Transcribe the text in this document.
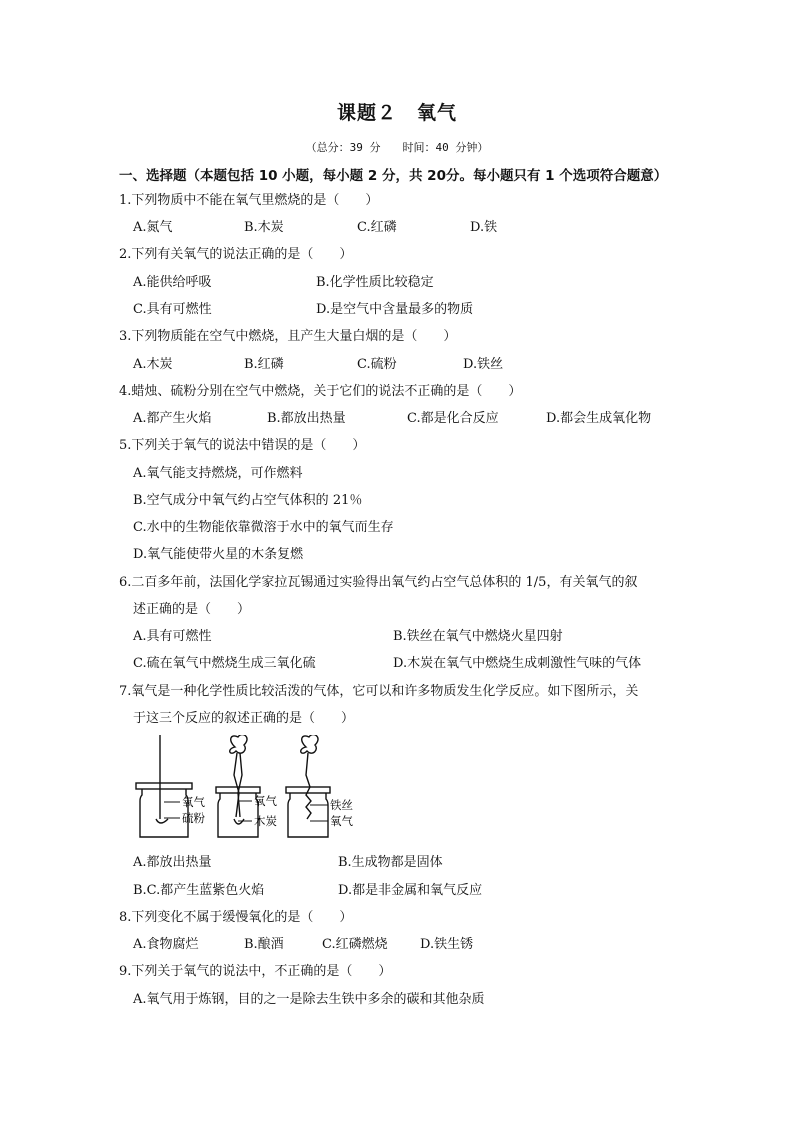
课题２　氧气
（总分：39 分　　时间：40 分钟）
一、选择题（本题包括 10 小题，每小题 2 分，共 20分。每小题只有 1 个选项符合题意）
1.下列物质中不能在氧气里燃烧的是（　　）
A.氮气	B.木炭	C.红磷	D.铁
2.下列有关氧气的说法正确的是（　　）
A.能供给呼吸	B.化学性质比较稳定
C.具有可燃性	D.是空气中含量最多的物质
3.下列物质能在空气中燃烧，且产生大量白烟的是（　　）
A.木炭	B.红磷	C.硫粉	D.铁丝
4.蜡烛、硫粉分别在空气中燃烧，关于它们的说法不正确的是（　　）
A.都产生火焰	B.都放出热量	C.都是化合反应	D.都会生成氧化物
5.下列关于氧气的说法中错误的是（　　）
A.氧气能支持燃烧，可作燃料
B.空气成分中氧气约占空气体积的 21％
C.水中的生物能依靠微溶于水中的氧气而生存
D.氧气能使带火星的木条复燃
6.二百多年前，法国化学家拉瓦锡通过实验得出氧气约占空气总体积的 1/5，有关氧气的叙
述正确的是（　　）
A.具有可燃性	B.铁丝在氧气中燃烧火星四射
C.硫在氧气中燃烧生成三氧化硫	D.木炭在氧气中燃烧生成刺激性气味的气体
7.氧气是一种化学性质比较活泼的气体，它可以和许多物质发生化学反应。如下图所示，关
于这三个反应的叙述正确的是（　　）
氧气
硫粉
氧气
木炭
铁丝
氧气
A.都放出热量	B.生成物都是固体
B.C.都产生蓝紫色火焰	D.都是非金属和氧气反应
8.下列变化不属于缓慢氧化的是（　　）
A.食物腐烂	B.酿酒	C.红磷燃烧 D.铁生锈
9.下列关于氧气的说法中，不正确的是（　　）
A.氧气用于炼钢，目的之一是除去生铁中多余的碳和其他杂质
